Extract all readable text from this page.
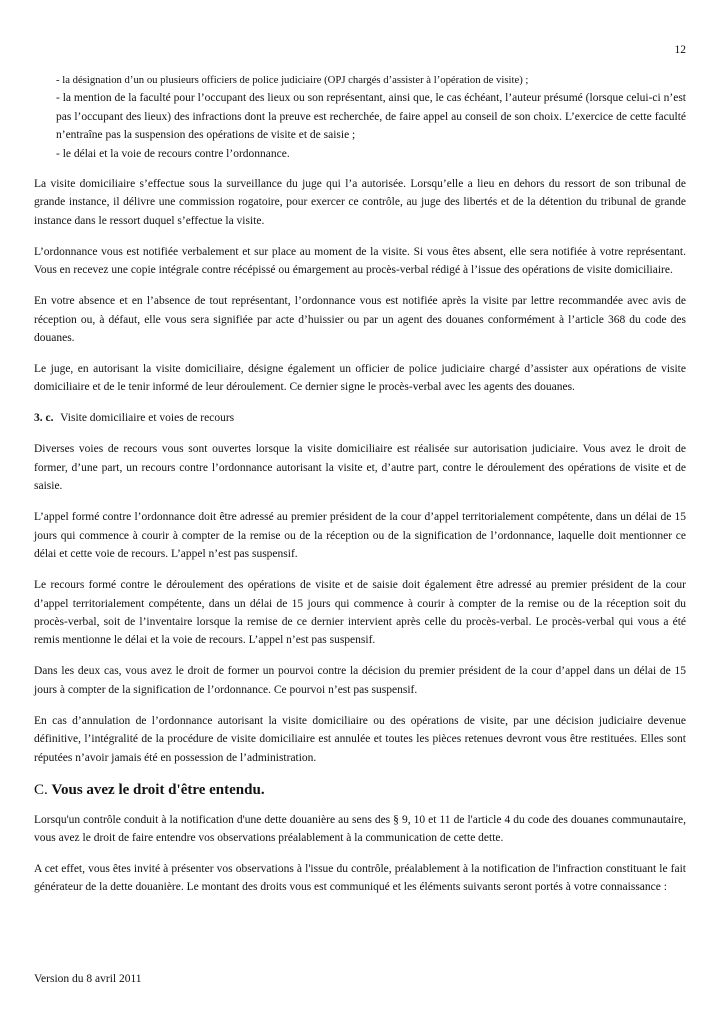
12
- la désignation d’un ou plusieurs officiers de police judiciaire (OPJ chargés d’assister à l’opération de visite) ;
- la mention de la faculté pour l’occupant des lieux ou son représentant, ainsi que, le cas échéant, l’auteur présumé (lorsque celui-ci n’est pas l’occupant des lieux) des infractions dont la preuve est recherchée, de faire appel au conseil de son choix. L’exercice de cette faculté n’entraîne pas la suspension des opérations de visite et de saisie ;
- le délai et la voie de recours contre l’ordonnance.

La visite domiciliaire s’effectue sous la surveillance du juge qui l’a autorisée. Lorsqu’elle a lieu en dehors du ressort de son tribunal de grande instance, il délivre une commission rogatoire, pour exercer ce contrôle, au juge des libertés et de la détention du tribunal de grande instance dans le ressort duquel s’effectue la visite.

L’ordonnance vous est notifiée verbalement et sur place au moment de la visite. Si vous êtes absent, elle sera notifiée à votre représentant. Vous en recevez une copie intégrale contre récépissé ou émargement au procès-verbal rédigé à l’issue des opérations de visite domiciliaire.

En votre absence et en l’absence de tout représentant, l’ordonnance vous est notifiée après la visite par lettre recommandée avec avis de réception ou, à défaut, elle vous sera signifiée par acte d’huissier ou par un agent des douanes conformément à l’article 368 du code des douanes.

Le juge, en autorisant la visite domiciliaire, désigne également un officier de police judiciaire chargé d’assister aux opérations de visite domiciliaire et de le tenir informé de leur déroulement. Ce dernier signe le procès-verbal avec les agents des douanes.

3. c. Visite domiciliaire et voies de recours

Diverses voies de recours vous sont ouvertes lorsque la visite domiciliaire est réalisée sur autorisation judiciaire. Vous avez le droit de former, d’une part, un recours contre l’ordonnance autorisant la visite et, d’autre part, contre le déroulement des opérations de visite et de saisie.

L’appel formé contre l’ordonnance doit être adressé au premier président de la cour d’appel territorialement compétente, dans un délai de 15 jours qui commence à courir à compter de la remise ou de la réception ou de la signification de l’ordonnance, laquelle doit mentionner ce délai et cette voie de recours. L’appel n’est pas suspensif.

Le recours formé contre le déroulement des opérations de visite et de saisie doit également être adressé au premier président de la cour d’appel territorialement compétente, dans un délai de 15 jours qui commence à courir à compter de la remise ou de la réception soit du procès-verbal, soit de l’inventaire lorsque la remise de ce dernier intervient après celle du procès-verbal. Le procès-verbal qui vous a été remis mentionne le délai et la voie de recours. L’appel n’est pas suspensif.

Dans les deux cas, vous avez le droit de former un pourvoi contre la décision du premier président de la cour d’appel dans un délai de 15 jours à compter de la signification de l’ordonnance. Ce pourvoi n’est pas suspensif.

En cas d’annulation de l’ordonnance autorisant la visite domiciliaire ou des opérations de visite, par une décision judiciaire devenue définitive, l’intégralité de la procédure de visite domiciliaire est annulée et toutes les pièces retenues devront vous être restituées. Elles sont réputées n’avoir jamais été en possession de l’administration.

C. Vous avez le droit d'être entendu.

Lorsqu'un contrôle conduit à la notification d'une dette douanière au sens des § 9, 10 et 11 de l'article 4 du code des douanes communautaire, vous avez le droit de faire entendre vos observations préalablement à la communication de cette dette.

A cet effet, vous êtes invité à présenter vos observations à l'issue du contrôle, préalablement à la notification de l'infraction constituant le fait générateur de la dette douanière. Le montant des droits vous est communiqué et les éléments suivants seront portés à votre connaissance :

Version du 8 avril 2011
